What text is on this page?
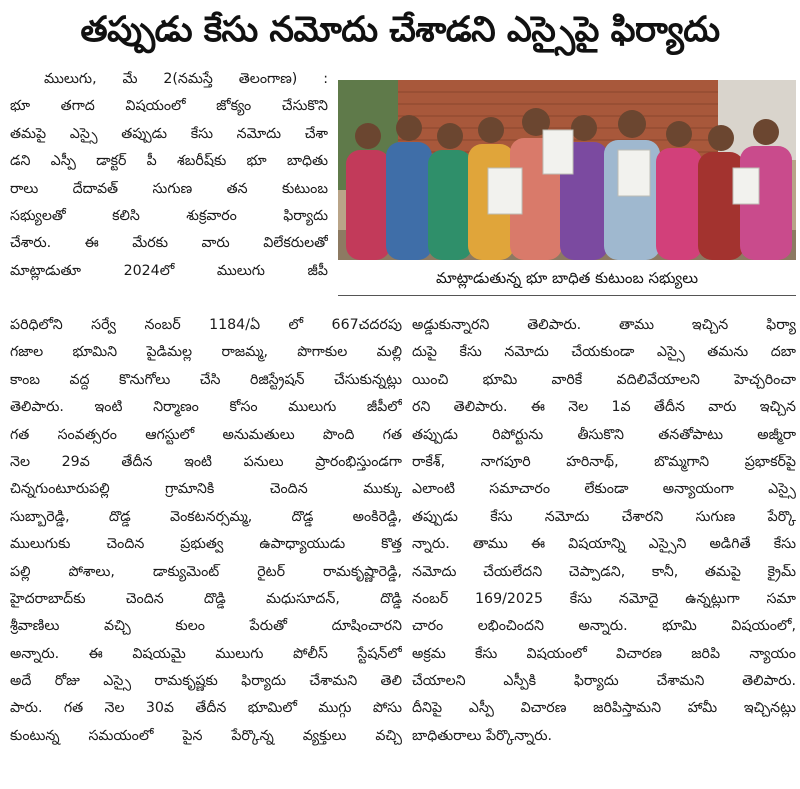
తప్పుడు కేసు నమోదు చేశాడని ఎస్సైపై ఫిర్యాదు
ములుగు, మే 2(నమస్తే తెలంగాణ) :
భూ తగాద విషయంలో జోక్యం చేసుకొని
తమపై ఎస్సై తప్పుడు కేసు నమోదు చేశా
డని ఎస్పీ డాక్టర్ పీ శబరీష్‌కు భూ బాధితు
రాలు దేదావత్ సుగుణ తన కుటుంబ
సభ్యులతో కలిసి శుక్రవారం ఫిర్యాదు
చేశారు. ఈ మేరకు వారు విలేకరులతో
మాట్లాడుతూ 2024లో ములుగు జీపీ	మాట్లాడుతున్న భూ బాధిత కుటుంబ సభ్యులు
పరిధిలోని సర్వే నంబర్ 1184/ఏ లో 667చదరపు
గజాల భూమిని పైడిమల్ల రాజమ్మ, పొగాకుల మల్లి
కాంబ వద్ద కొనుగోలు చేసి రిజిస్ట్రేషన్ చేసుకున్నట్లు
తెలిపారు. ఇంటి నిర్మాణం కోసం ములుగు జీపీలో
గత సంవత్సరం ఆగస్టులో అనుమతులు పొంది గత
నెల 29వ తేదీన ఇంటి పనులు ప్రారంభిస్తుండగా
చిన్నగుంటూరుపల్లి గ్రామానికి చెందిన ముక్కు
సుబ్బారెడ్డి, దొడ్డ వెంకటనర్సమ్మ, దొడ్డ అంకిరెడ్డి,
ములుగుకు చెందిన ప్రభుత్వ ఉపాధ్యాయుడు కొత్త
పల్లి పోశాలు, డాక్యుమెంట్ రైటర్ రామకృష్ణారెడ్డి,
హైదరాబాద్‌కు చెందిన దొడ్డి మధుసూదన్, దొడ్డి
శ్రీవాణిలు వచ్చి కులం పేరుతో దూషించారని
అన్నారు. ఈ విషయమై ములుగు పోలీస్ స్టేషన్‌లో
అదే రోజు ఎస్సై రామకృష్ణకు ఫిర్యాదు చేశామని తెలి
పారు. గత నెల 30వ తేదీన భూమిలో ముగ్గు పోసు
కుంటున్న సమయంలో పైన పేర్కొన్న వ్యక్తులు వచ్చి
అడ్డుకున్నారని తెలిపారు. తాము ఇచ్చిన ఫిర్యా
దుపై కేసు నమోదు చేయకుండా ఎస్సై తమను దబా
యించి భూమి వారికే వదిలివేయాలని హెచ్చరించా
రని తెలిపారు. ఈ నెల 1వ తేదీన వారు ఇచ్చిన
తప్పుడు రిపోర్టును తీసుకొని తనతోపాటు అజ్మీరా
రాకేశ్, నాగపూరి హరినాథ్, బొమ్మగాని ప్రభాకర్‌పై
ఎలాంటి సమాచారం లేకుండా అన్యాయంగా ఎస్సై
తప్పుడు కేసు నమోదు చేశారని సుగుణ పేర్కొ
న్నారు. తాము ఈ విషయాన్ని ఎస్సైని అడిగితే కేసు
నమోదు చేయలేదని చెప్పాడని, కానీ, తమపై క్రైమ్
నంబర్ 169/2025 కేసు నమోదై ఉన్నట్లుగా సమా
చారం లభించిందని అన్నారు. భూమి విషయంలో,
అక్రమ కేసు విషయంలో విచారణ జరిపి న్యాయం
చేయాలని ఎస్పీకి ఫిర్యాదు చేశామని తెలిపారు.
దీనిపై ఎస్పీ విచారణ జరిపిస్తామని హామీ ఇచ్చినట్లు
బాధితురాలు పేర్కొన్నారు.
